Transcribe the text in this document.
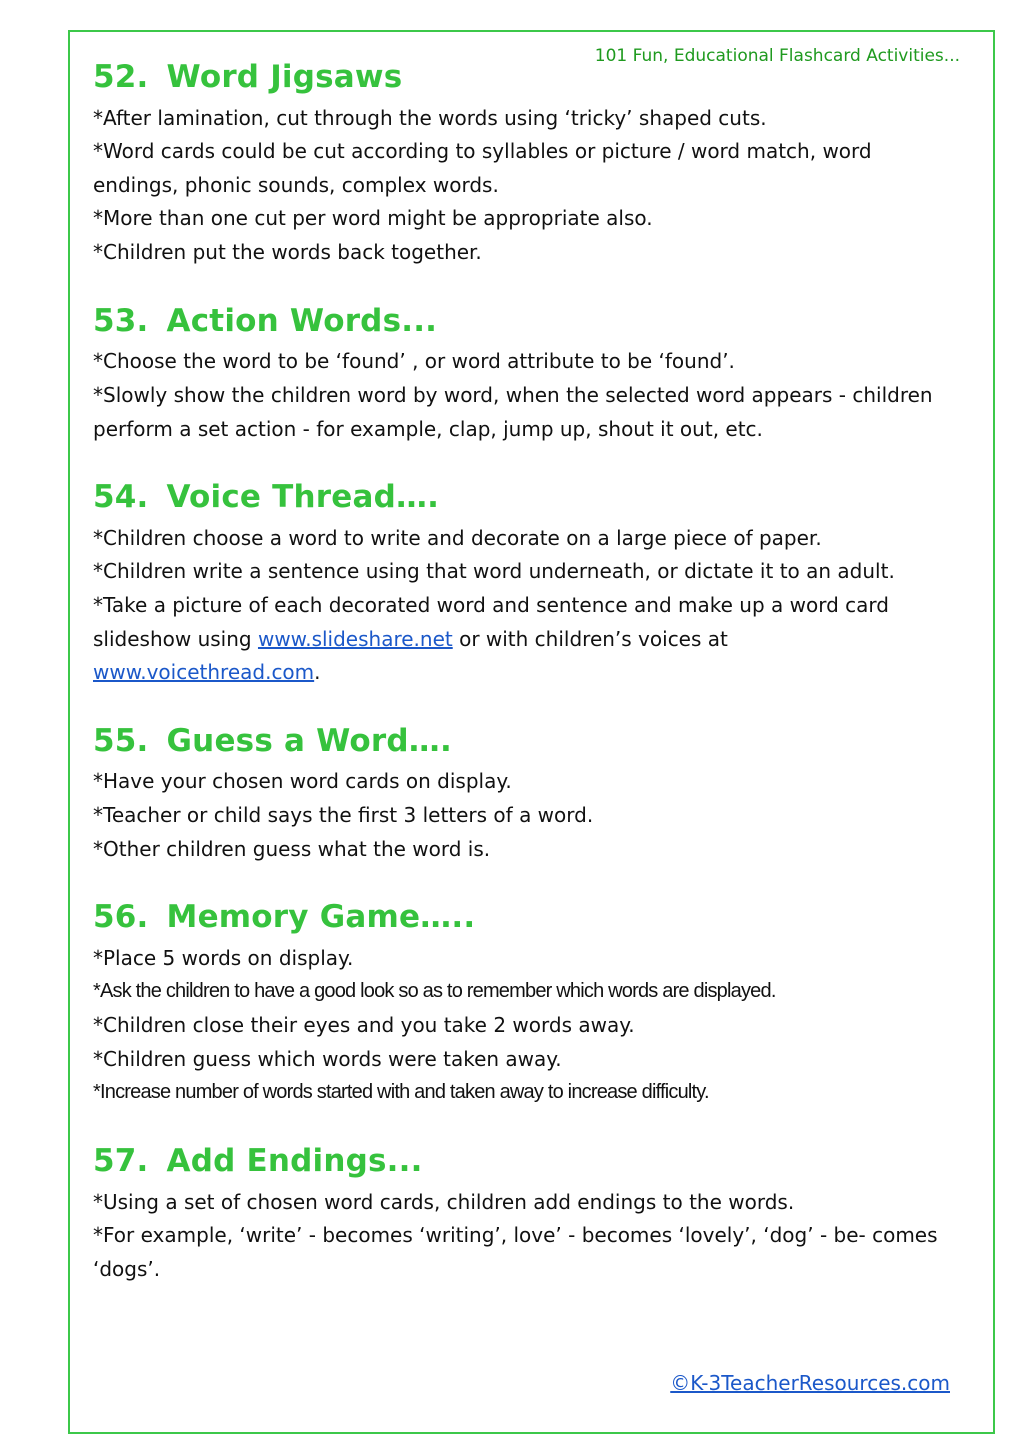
101 Fun, Educational Flashcard Activities...
52. Word Jigsaws

*After lamination, cut through the words using ‘tricky’ shaped cuts.

*Word cards could be cut according to syllables or picture / word match, word endings, phonic sounds, complex words.

*More than one cut per word might be appropriate also.

*Children put the words back together.

53. Action Words...

*Choose the word to be ‘found’ , or word attribute to be ‘found’.

*Slowly show the children word by word, when the selected word appears - children perform a set action - for example, clap, jump up, shout it out, etc.

54. Voice Thread….

*Children choose a word to write and decorate on a large piece of paper.

*Children write a sentence using that word underneath, or dictate it to an adult.

*Take a picture of each decorated word and sentence and make up a word card slideshow using www.slideshare.net or with children’s voices at www.voicethread.com.

55. Guess a Word….

*Have your chosen word cards on display.

*Teacher or child says the first 3 letters of a word.

*Other children guess what the word is.

56. Memory Game…..

*Place 5 words on display.

*Ask the children to have a good look so as to remember which words are displayed.

*Children close their eyes and you take 2 words away.

*Children guess which words were taken away.

*Increase number of words started with and taken away to increase difficulty.

57. Add Endings...

*Using a set of chosen word cards, children add endings to the words.

*For example, ‘write’ - becomes ‘writing’, love’ - becomes ‘lovely’, ‘dog’ - be- comes ‘dogs’.

©K-3TeacherResources.com
